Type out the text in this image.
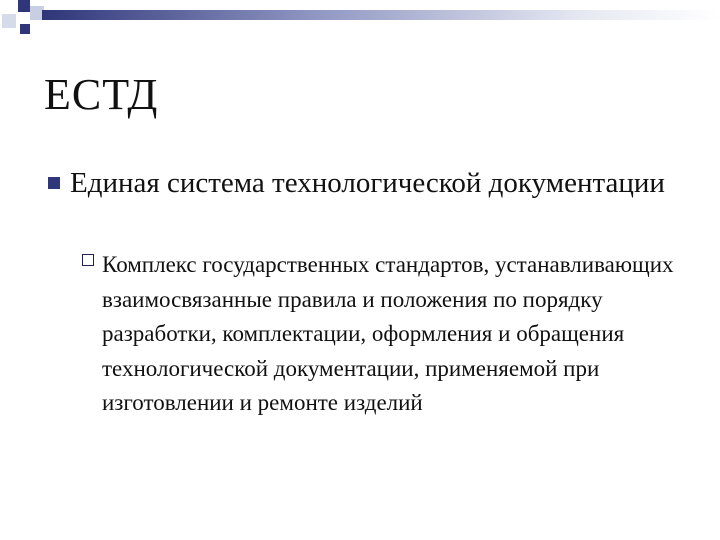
ЕСТД
Единая система технологической документации
Комплекс государственных стандартов, устанавливающих взаимосвязанные правила и положения по порядку разработки, комплектации, оформления и обращения технологической документации, применяемой при изготовлении и ремонте изделий
